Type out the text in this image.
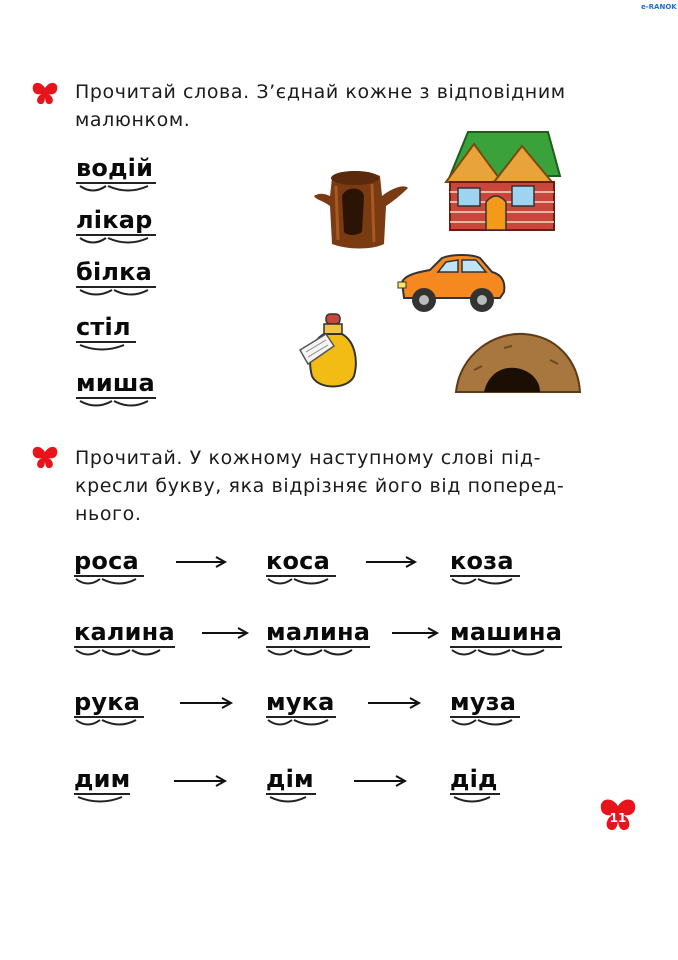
e-RANOK
Прочитай слова. З’єднай кожне з відповідним
малюнком.
водій
лікар
білка
стіл
миша
Прочитай. У кожному наступному слові під-
кресли букву, яка відрізняє його від поперед-
нього.
роса	коса	коза
калина	малина	машина
рука	мука	муза
дим	дім	дід
11
